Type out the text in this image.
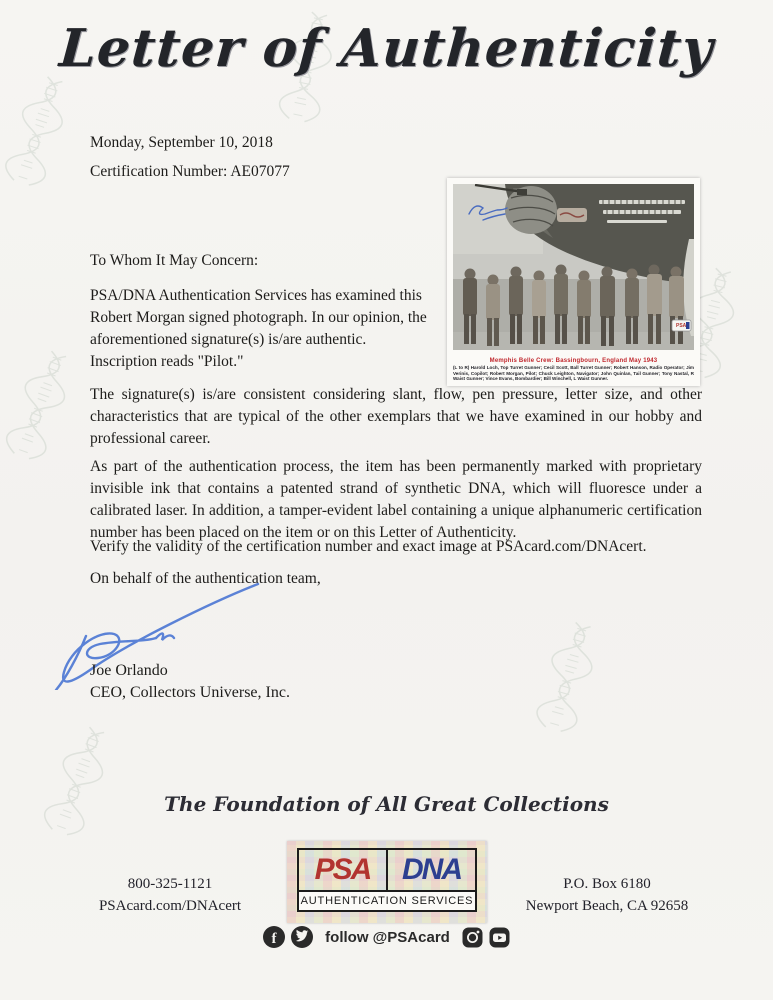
Letter of Authenticity
Monday, September 10, 2018
Certification Number: AE07077
PSA
Memphis Belle Crew: Bassingbourn, England May 1943
(L to R) Harold Loch, Top Turret Gunner; Cecil Scott, Ball Turret Gunner; Robert Hanson, Radio Operator; Jim Verinis, Copilot; Robert Morgan, Pilot; Chuck Leighton, Navigator; John Quinlan, Tail Gunner; Tony Nastal, R Waist Gunner; Vince Evans, Bombardier; Bill Winchell, L Waist Gunner.
To Whom It May Concern:
PSA/DNA Authentication Services has examined this Robert Morgan signed photograph. In our opinion, the aforementioned signature(s) is/are authentic.
Inscription reads "Pilot."
The signature(s) is/are consistent considering slant, flow, pen pressure, letter size, and other characteristics that are typical of the other exemplars that we have examined in our hobby and professional career.
As part of the authentication process, the item has been permanently marked with proprietary invisible ink that contains a patented strand of synthetic DNA, which will fluoresce under a calibrated laser. In addition, a tamper-evident label containing a unique alphanumeric certification number has been placed on the item or on this Letter of Authenticity.
Verify the validity of the certification number and exact image at PSAcard.com/DNAcert.
On behalf of the authentication team,
Joe Orlando
CEO, Collectors Universe, Inc.

The Foundation of All Great Collections

PSA DNA
AUTHENTICATION SERVICES
f	follow @PSAcard
800-325-1121
PSAcard.com/DNAcert
P.O. Box 6180
Newport Beach, CA 92658
